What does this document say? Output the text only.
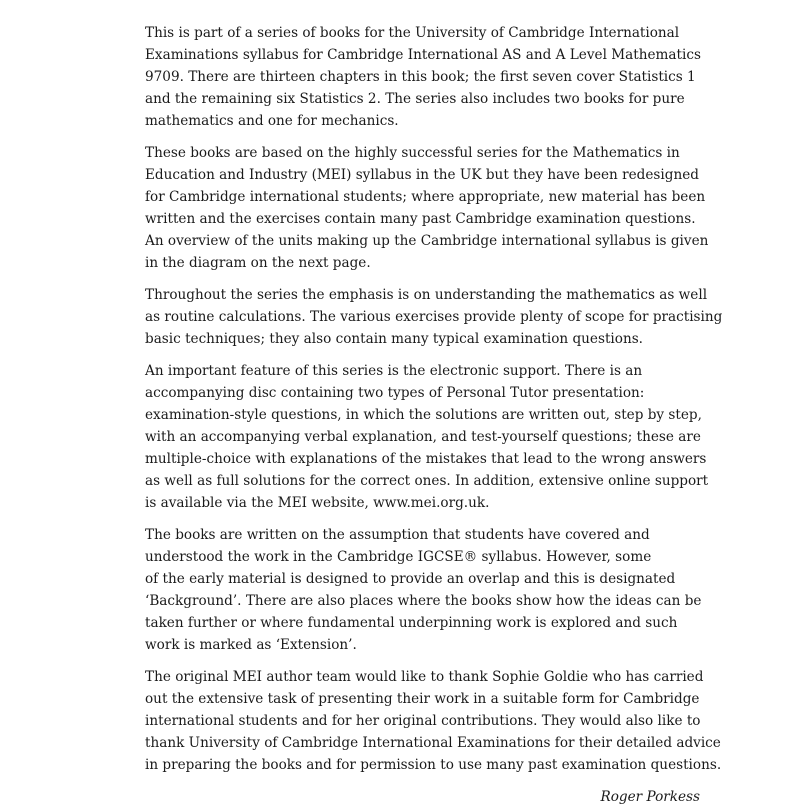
This is part of a series of books for the University of Cambridge International
Examinations syllabus for Cambridge International AS and A Level Mathematics
9709. There are thirteen chapters in this book; the first seven cover Statistics 1
and the remaining six Statistics 2. The series also includes two books for pure
mathematics and one for mechanics.

These books are based on the highly successful series for the Mathematics in
Education and Industry (MEI) syllabus in the UK but they have been redesigned
for Cambridge international students; where appropriate, new material has been
written and the exercises contain many past Cambridge examination questions.
An overview of the units making up the Cambridge international syllabus is given
in the diagram on the next page.

Throughout the series the emphasis is on understanding the mathematics as well
as routine calculations. The various exercises provide plenty of scope for practising
basic techniques; they also contain many typical examination questions.

An important feature of this series is the electronic support. There is an
accompanying disc containing two types of Personal Tutor presentation:
examination-style questions, in which the solutions are written out, step by step,
with an accompanying verbal explanation, and test-yourself questions; these are
multiple-choice with explanations of the mistakes that lead to the wrong answers
as well as full solutions for the correct ones. In addition, extensive online support
is available via the MEI website, www.mei.org.uk.

The books are written on the assumption that students have covered and
understood the work in the Cambridge IGCSE® syllabus. However, some
of the early material is designed to provide an overlap and this is designated
‘Background’. There are also places where the books show how the ideas can be
taken further or where fundamental underpinning work is explored and such
work is marked as ‘Extension’.

The original MEI author team would like to thank Sophie Goldie who has carried
out the extensive task of presenting their work in a suitable form for Cambridge
international students and for her original contributions. They would also like to
thank University of Cambridge International Examinations for their detailed advice
in preparing the books and for permission to use many past examination questions.

Roger Porkess
